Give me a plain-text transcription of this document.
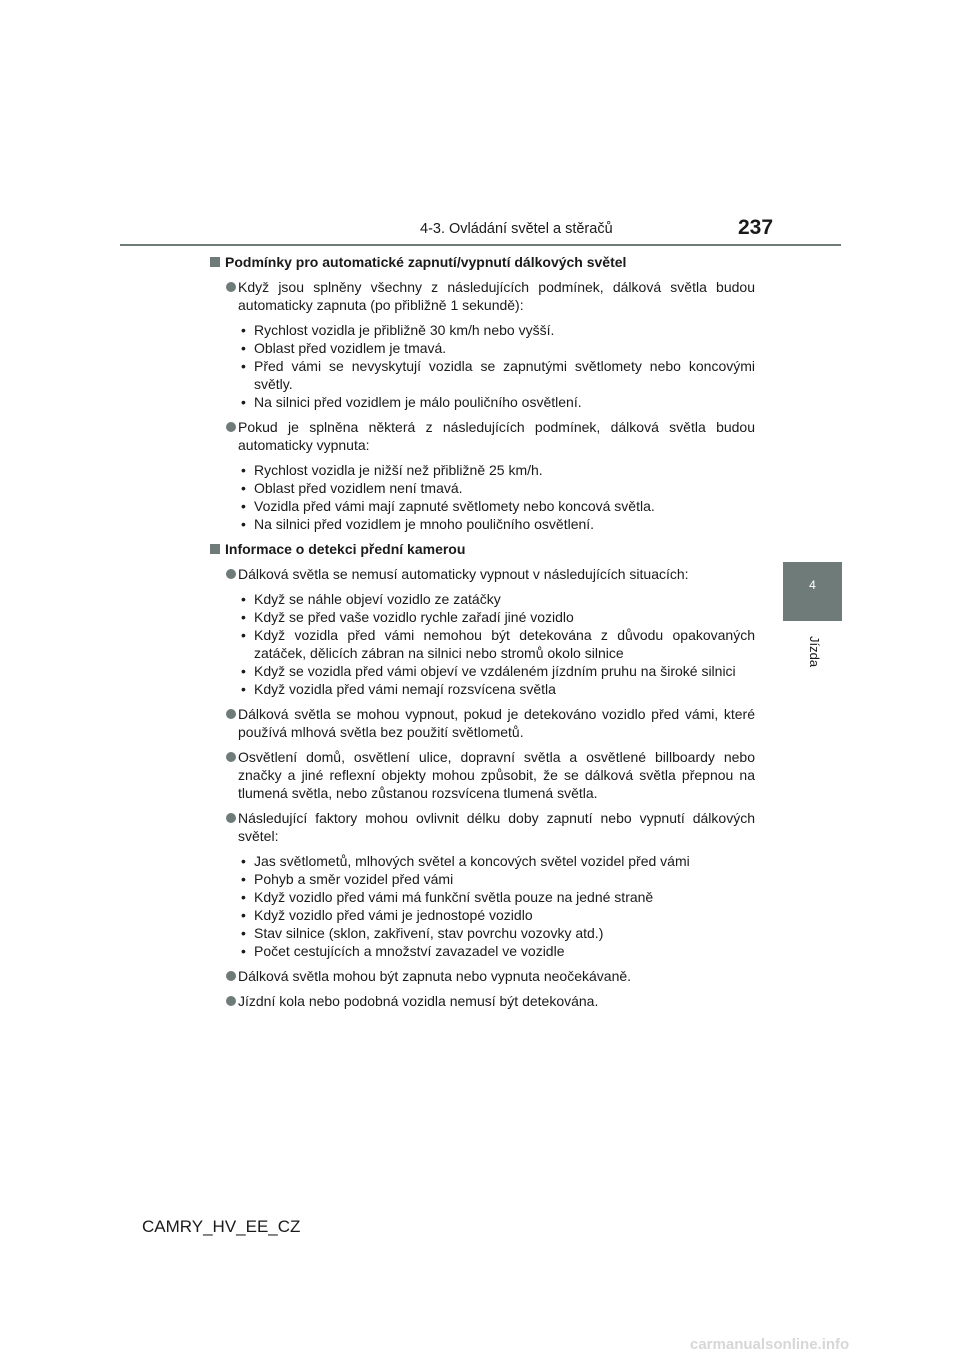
4-3. Ovládání světel a stěračů	237
4
Jízda
Podmínky pro automatické zapnutí/vypnutí dálkových světel
Když jsou splněny všechny z následujících podmínek, dálková světla budou automaticky zapnuta (po přibližně 1 sekundě):
• Rychlost vozidla je přibližně 30 km/h nebo vyšší.
• Oblast před vozidlem je tmavá.
• Před vámi se nevyskytují vozidla se zapnutými světlomety nebo koncovými světly.
• Na silnici před vozidlem je málo pouličního osvětlení.
Pokud je splněna některá z následujících podmínek, dálková světla budou automaticky vypnuta:
• Rychlost vozidla je nižší než přibližně 25 km/h.
• Oblast před vozidlem není tmavá.
• Vozidla před vámi mají zapnuté světlomety nebo koncová světla.
• Na silnici před vozidlem je mnoho pouličního osvětlení.
Informace o detekci přední kamerou
Dálková světla se nemusí automaticky vypnout v následujících situacích:
• Když se náhle objeví vozidlo ze zatáčky
• Když se před vaše vozidlo rychle zařadí jiné vozidlo
• Když vozidla před vámi nemohou být detekována z důvodu opakovaných zatáček, dělicích zábran na silnici nebo stromů okolo silnice
• Když se vozidla před vámi objeví ve vzdáleném jízdním pruhu na široké silnici
• Když vozidla před vámi nemají rozsvícena světla
Dálková světla se mohou vypnout, pokud je detekováno vozidlo před vámi, které používá mlhová světla bez použití světlometů.
Osvětlení domů, osvětlení ulice, dopravní světla a osvětlené billboardy nebo značky a jiné reflexní objekty mohou způsobit, že se dálková světla přepnou na tlumená světla, nebo zůstanou rozsvícena tlumená světla.
Následující faktory mohou ovlivnit délku doby zapnutí nebo vypnutí dálkových světel:
• Jas světlometů, mlhových světel a koncových světel vozidel před vámi
• Pohyb a směr vozidel před vámi
• Když vozidlo před vámi má funkční světla pouze na jedné straně
• Když vozidlo před vámi je jednostopé vozidlo
• Stav silnice (sklon, zakřivení, stav povrchu vozovky atd.)
• Počet cestujících a množství zavazadel ve vozidle
Dálková světla mohou být zapnuta nebo vypnuta neočekávaně.
Jízdní kola nebo podobná vozidla nemusí být detekována.
CAMRY_HV_EE_CZ
carmanualsonline.info
